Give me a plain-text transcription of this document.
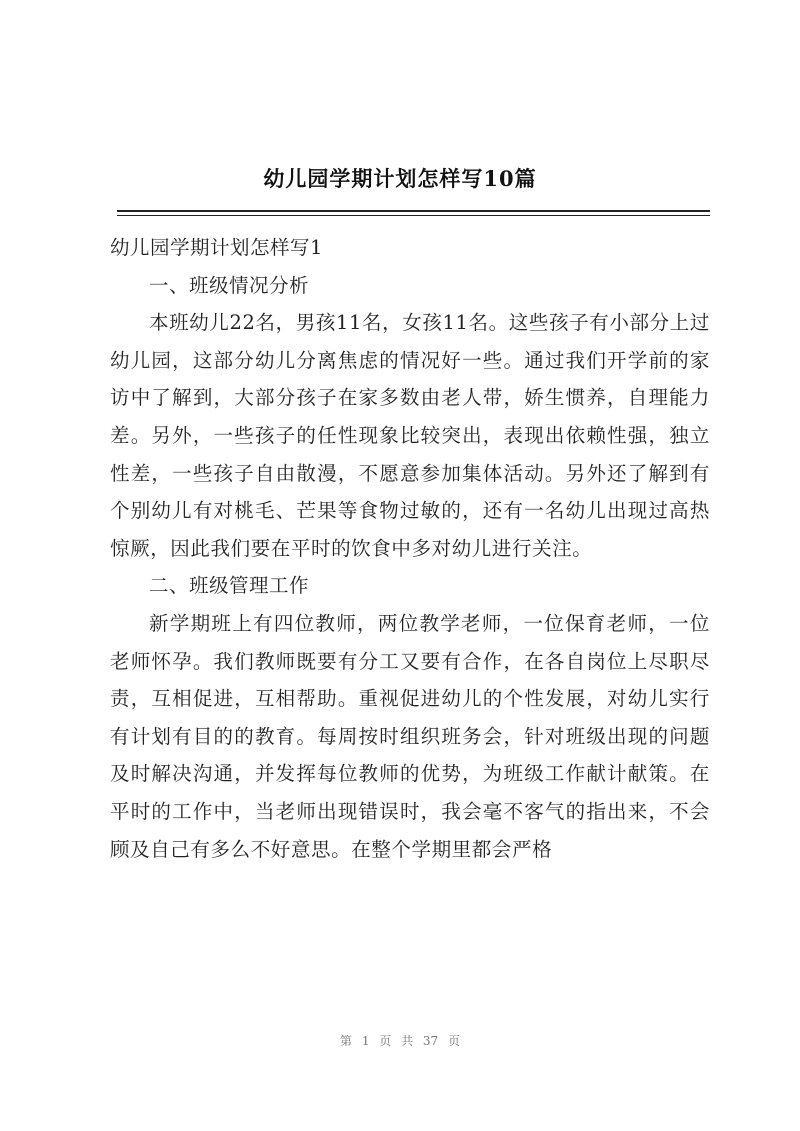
幼儿园学期计划怎样写10篇

幼儿园学期计划怎样写1

一、班级情况分析

本班幼儿22名，男孩11名，女孩11名。这些孩子有小部分上过幼儿园，这部分幼儿分离焦虑的情况好一些。通过我们开学前的家访中了解到，大部分孩子在家多数由老人带，娇生惯养，自理能力差。另外，一些孩子的任性现象比较突出，表现出依赖性强，独立性差，一些孩子自由散漫，不愿意参加集体活动。另外还了解到有个别幼儿有对桃毛、芒果等食物过敏的，还有一名幼儿出现过高热惊厥，因此我们要在平时的饮食中多对幼儿进行关注。

二、班级管理工作

新学期班上有四位教师，两位教学老师，一位保育老师，一位老师怀孕。我们教师既要有分工又要有合作，在各自岗位上尽职尽责，互相促进，互相帮助。重视促进幼儿的个性发展，对幼儿实行有计划有目的的教育。每周按时组织班务会，针对班级出现的问题及时解决沟通，并发挥每位教师的优势，为班级工作献计献策。在平时的工作中，当老师出现错误时，我会毫不客气的指出来，不会顾及自己有多么不好意思。在整个学期里都会严格

第 1 页 共 37 页
